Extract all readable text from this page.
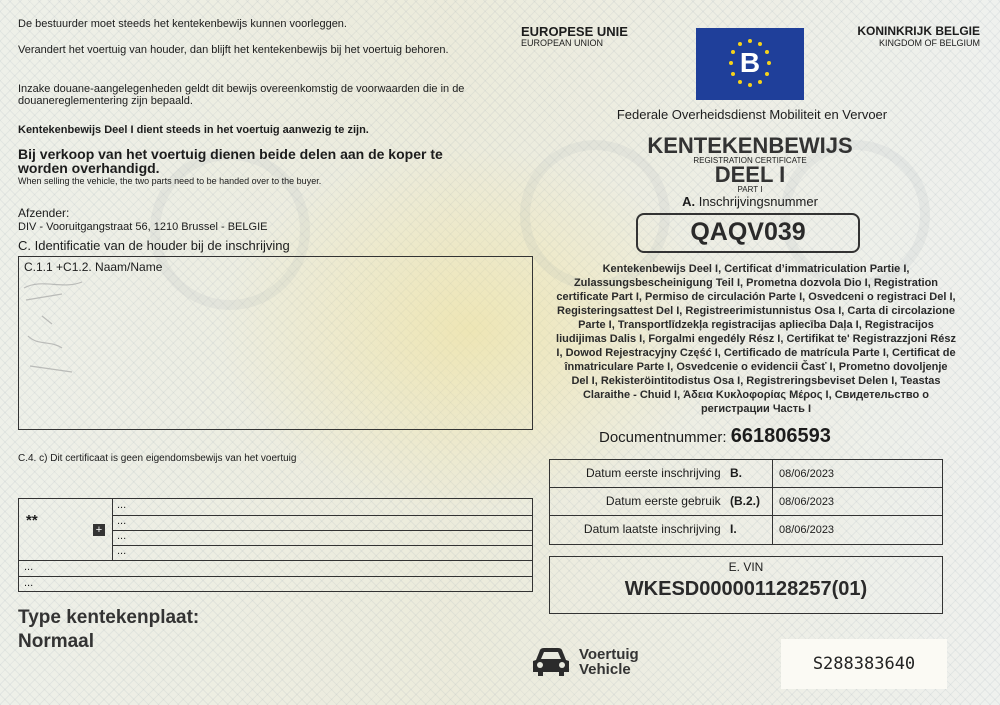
De bestuurder moet steeds het kentekenbewijs kunnen voorleggen.
Verandert het voertuig van houder, dan blijft het kentekenbewijs bij het voertuig behoren.
Inzake douane-aangelegenheden geldt dit bewijs overeenkomstig de voorwaarden die in de douanereglementering zijn bepaald.
Kentekenbewijs Deel I dient steeds in het voertuig aanwezig te zijn.
Bij verkoop van het voertuig dienen beide delen aan de koper te worden overhandigd.
When selling the vehicle, the two parts need to be handed over to the buyer.
Afzender:
DIV - Vooruitgangstraat 56, 1210 Brussel - BELGIE
C. Identificatie van de houder bij de inschrijving
C.1.1 +C1.2. Naam/Name
C.4. c) Dit certificaat is geen eigendomsbewijs van het voertuig
**
+
...
...
...
...
...
...
Type kentekenplaat:
Normaal
EUROPESE UNIE
EUROPEAN UNION
B
KONINKRIJK BELGIE
KINGDOM OF BELGIUM
Federale Overheidsdienst Mobiliteit en Vervoer
KENTEKENBEWIJS
REGISTRATION CERTIFICATE
DEEL I
PART I
A. Inschrijvingsnummer
QAQV039
Kentekenbewijs Deel I, Certificat d’immatriculation Partie I, Zulassungsbescheinigung Teil I, Prometna dozvola Dio I, Registration certificate Part I, Permiso de circulación Parte I, Osvedceni o registraci Del I, Registeringsattest Del I, Registreerimistunnistus Osa I, Carta di circolazione Parte I, Transportlīdzekļa registracijas apliecība Daļa I, Registracijos liudijimas Dalis I, Forgalmi engedély Rész I, Certifikat te' Registrazzjoni Rész I, Dowod Rejestracyjny Część I, Certificado de matrícula Parte I, Certificat de înmatriculare Parte I, Osvedcenie o evidencii Časť I, Prometno dovoljenje Del I, Rekisteröintitodistus Osa I, Registreringsbeviset Delen I, Teastas Claraithe - Chuid I, Άδεια Κυκλοφορίας Μέρος I, Свидетельство о регистрации Часть I
Documentnummer: 661806593
Datum eerste inschrijving B.	08/06/2023
Datum eerste gebruik (B.2.)	08/06/2023
Datum laatste inschrijving I.	08/06/2023
E. VIN
WKESD000001128257(01)
Voertuig
Vehicle	S288383640
